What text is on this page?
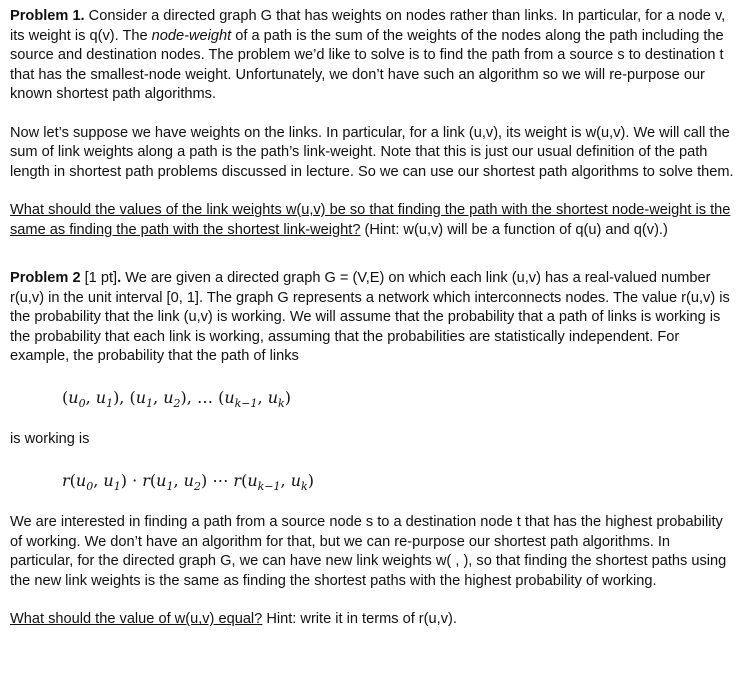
Problem 1. Consider a directed graph G that has weights on nodes rather than links. In particular, for a node v, its weight is q(v). The node-weight of a path is the sum of the weights of the nodes along the path including the source and destination nodes. The problem we’d like to solve is to find the path from a source s to destination t that has the smallest-node weight. Unfortunately, we don’t have such an algorithm so we will re-purpose our known shortest path algorithms.

Now let’s suppose we have weights on the links. In particular, for a link (u,v), its weight is w(u,v). We will call the sum of link weights along a path is the path’s link-weight. Note that this is just our usual definition of the path length in shortest path problems discussed in lecture. So we can use our shortest path algorithms to solve them.

What should the values of the link weights w(u,v) be so that finding the path with the shortest node-weight is the same as finding the path with the shortest link-weight? (Hint: w(u,v) will be a function of q(u) and q(v).)

Problem 2 [1 pt]. We are given a directed graph G = (V,E) on which each link (u,v) has a real-valued number r(u,v) in the unit interval [0, 1]. The graph G represents a network which interconnects nodes. The value r(u,v) is the probability that the link (u,v) is working. We will assume that the probability that a path of links is working is the probability that each link is working, assuming that the probabilities are statistically independent. For example, the probability that the path of links

($u_0$, $u_1$), ($u_1$, $u_2$), … ($u_{k-1}$, $u_k$)

is working is

$r(u_0$, $u_1) \cdot r(u_1$, $u_2$) ⋯ $r(u_{k-1}$, $u_k$)

We are interested in finding a path from a source node s to a destination node t that has the highest probability of working. We don’t have an algorithm for that, but we can re-purpose our shortest path algorithms. In particular, for the directed graph G, we can have new link weights w( , ), so that finding the shortest paths using the new link weights is the same as finding the shortest paths with the highest probability of working.

What should the value of w(u,v) equal? Hint: write it in terms of r(u,v).
